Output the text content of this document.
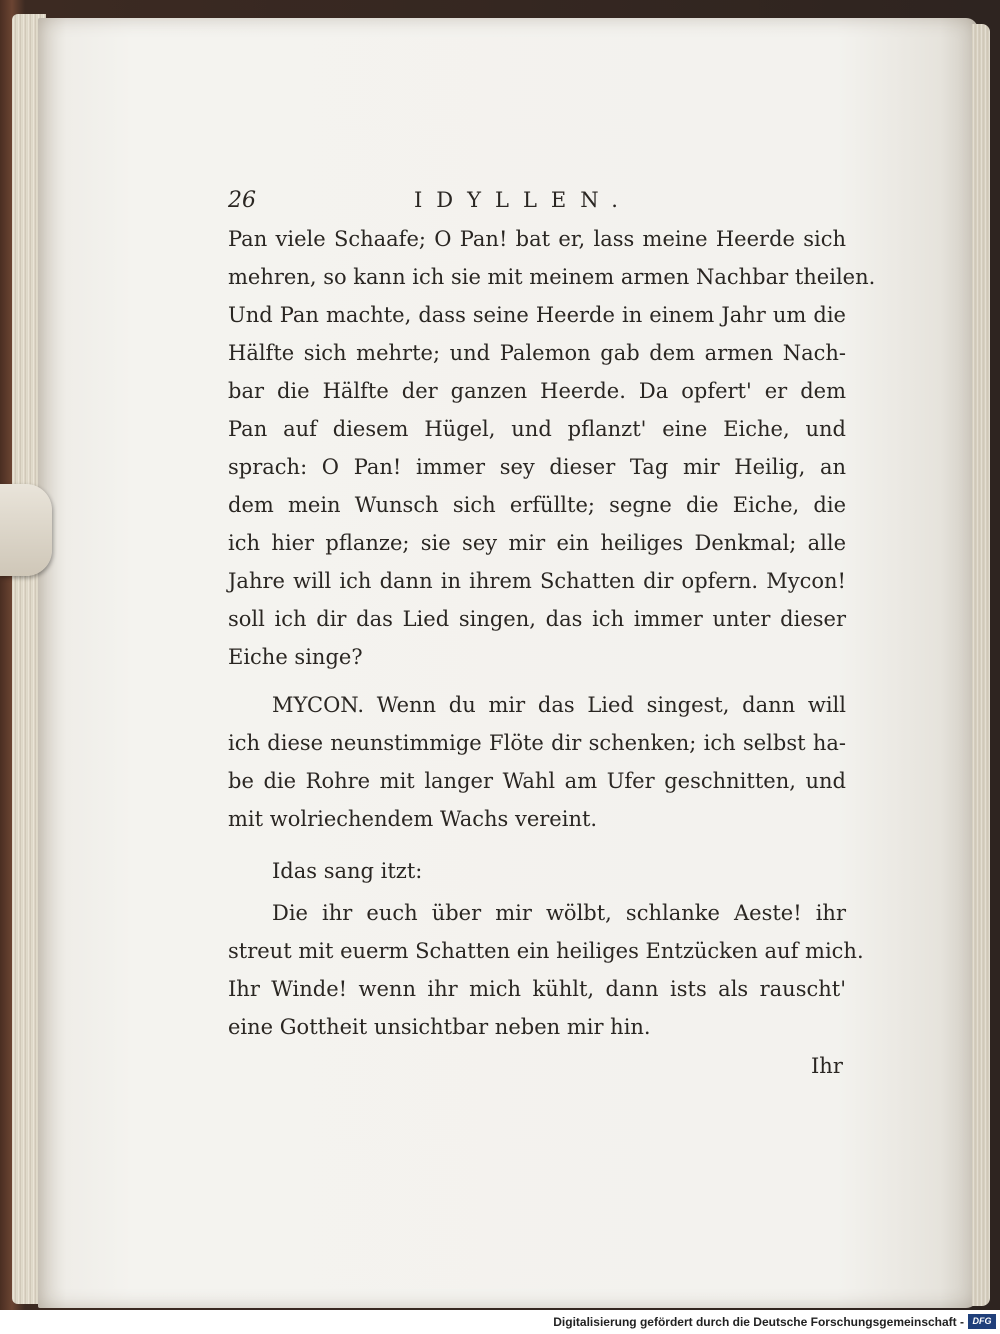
26	IDYLLEN.
Pan viele Schaafe; O Pan! bat er, lass meine Heerde sich
mehren, so kann ich sie mit meinem armen Nachbar theilen.
Und Pan machte, dass seine Heerde in einem Jahr um die
Hälfte sich mehrte; und Palemon gab dem armen Nach-
bar die Hälfte der ganzen Heerde. Da opfert' er dem
Pan auf diesem Hügel, und pflanzt' eine Eiche, und
sprach: O Pan! immer sey dieser Tag mir Heilig, an
dem mein Wunsch sich erfüllte; segne die Eiche, die
ich hier pflanze; sie sey mir ein heiliges Denkmal; alle
Jahre will ich dann in ihrem Schatten dir opfern. Mycon!
soll ich dir das Lied singen, das ich immer unter dieser
Eiche singe?
MYCON. Wenn du mir das Lied singest, dann will
ich diese neunstimmige Flöte dir schenken; ich selbst ha-
be die Rohre mit langer Wahl am Ufer geschnitten, und
mit wolriechendem Wachs vereint.
Idas sang itzt:
Die ihr euch über mir wölbt, schlanke Aeste! ihr
streut mit euerm Schatten ein heiliges Entzücken auf mich.
Ihr Winde! wenn ihr mich kühlt, dann ists als rauscht'
eine Gottheit unsichtbar neben mir hin.
Ihr
Digitalisierung gefördert durch die Deutsche Forschungsgemeinschaft - DFG
